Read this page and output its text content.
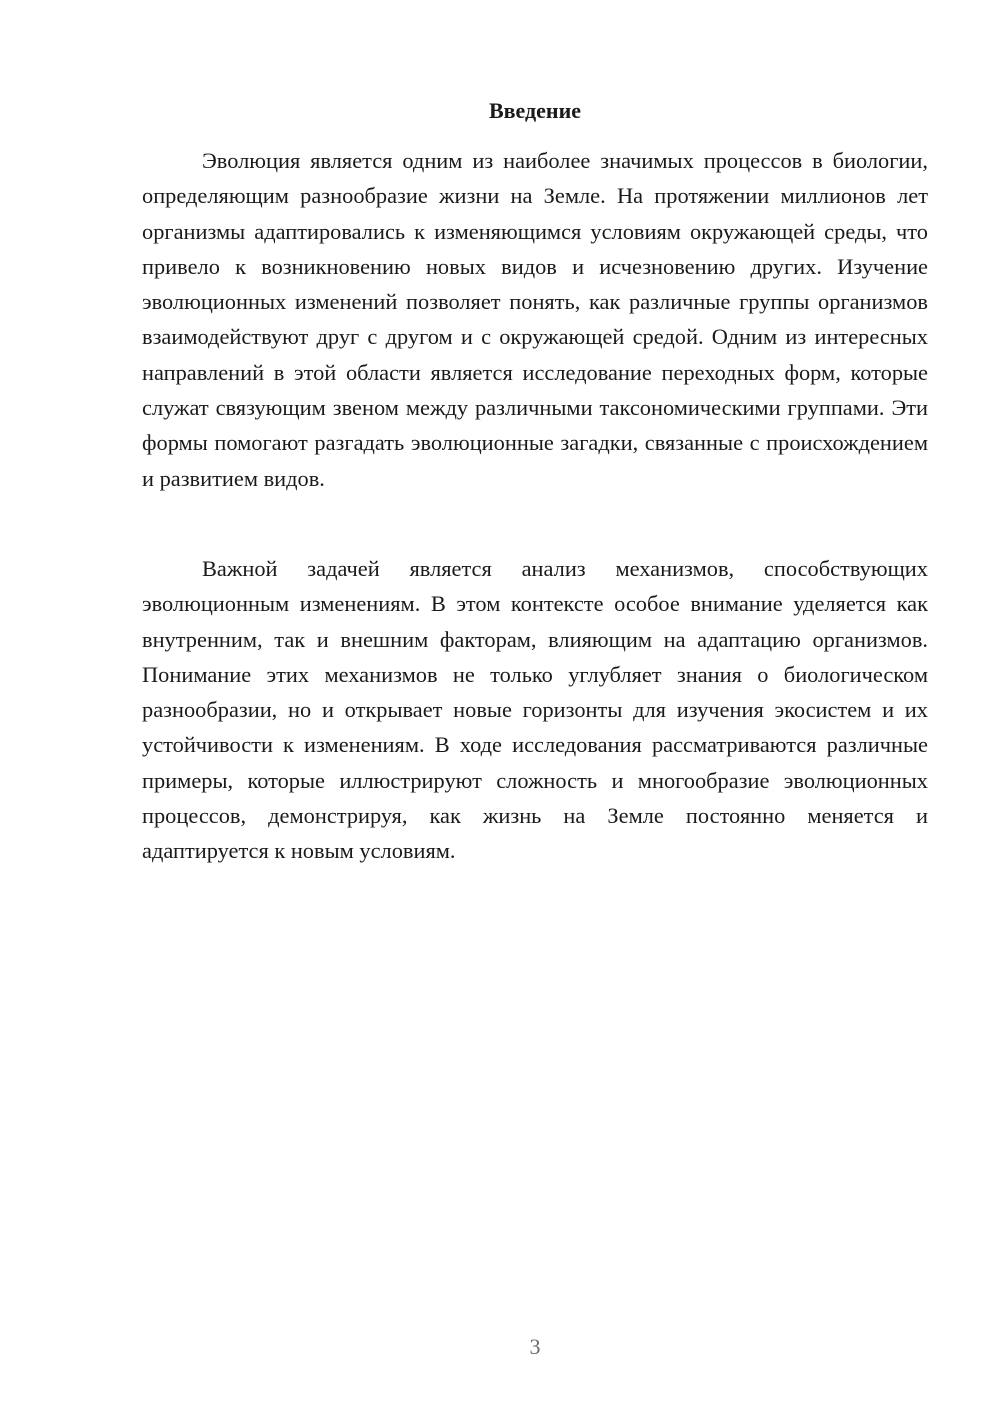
Введение

Эволюция является одним из наиболее значимых процессов в биологии, определяющим разнообразие жизни на Земле. На протяжении миллионов лет организмы адаптировались к изменяющимся условиям окружающей среды, что привело к возникновению новых видов и исчезновению других. Изучение эволюционных изменений позволяет понять, как различные группы организмов взаимодействуют друг с другом и с окружающей средой. Одним из интересных направлений в этой области является исследование переходных форм, которые служат связующим звеном между различными таксономическими группами. Эти формы помогают разгадать эволюционные загадки, связанные с происхождением и развитием видов.

Важной задачей является анализ механизмов, способствующих эволюционным изменениям. В этом контексте особое внимание уделяется как внутренним, так и внешним факторам, влияющим на адаптацию организмов. Понимание этих механизмов не только углубляет знания о биологическом разнообразии, но и открывает новые горизонты для изучения экосистем и их устойчивости к изменениям. В ходе исследования рассматриваются различные примеры, которые иллюстрируют сложность и многообразие эволюционных процессов, демонстрируя, как жизнь на Земле постоянно меняется и адаптируется к новым условиям.

3
